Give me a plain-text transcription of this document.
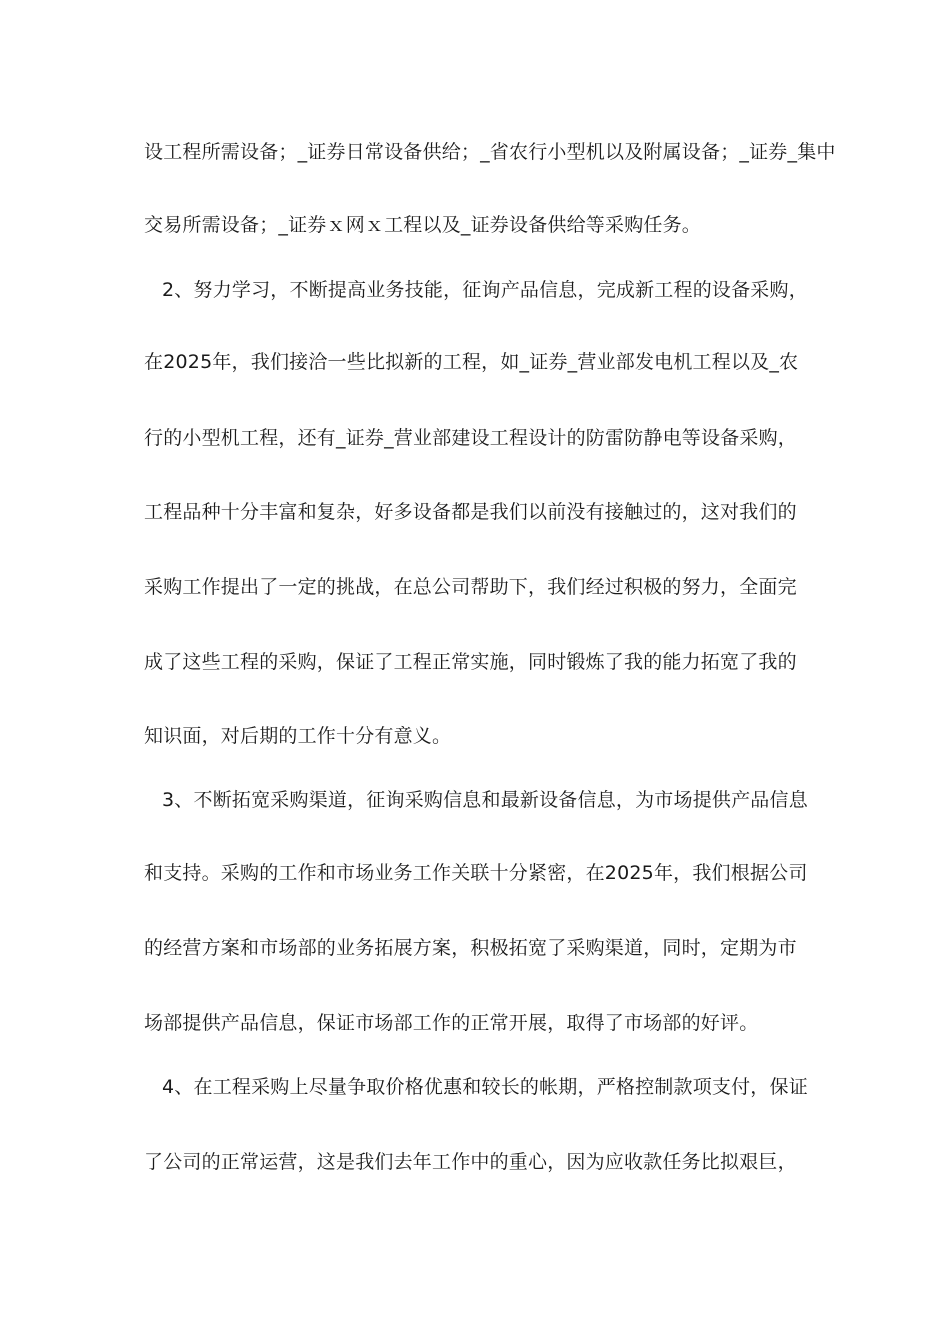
设工程所需设备；_证券日常设备供给；_省农行小型机以及附属设备；_证券_集中
交易所需设备；_证券ｘ网ｘ工程以及_证券设备供给等采购任务。
2、努力学习，不断提高业务技能，征询产品信息，完成新工程的设备采购，
在2025年，我们接洽一些比拟新的工程，如_证券_营业部发电机工程以及_农
行的小型机工程，还有_证券_营业部建设工程设计的防雷防静电等设备采购，
工程品种十分丰富和复杂，好多设备都是我们以前没有接触过的，这对我们的
采购工作提出了一定的挑战，在总公司帮助下，我们经过积极的努力，全面完
成了这些工程的采购，保证了工程正常实施，同时锻炼了我的能力拓宽了我的
知识面，对后期的工作十分有意义。
3、不断拓宽采购渠道，征询采购信息和最新设备信息，为市场提供产品信息
和支持。采购的工作和市场业务工作关联十分紧密，在2025年，我们根据公司
的经营方案和市场部的业务拓展方案，积极拓宽了采购渠道，同时，定期为市
场部提供产品信息，保证市场部工作的正常开展，取得了市场部的好评。
4、在工程采购上尽量争取价格优惠和较长的帐期，严格控制款项支付，保证
了公司的正常运营，这是我们去年工作中的重心，因为应收款任务比拟艰巨，
